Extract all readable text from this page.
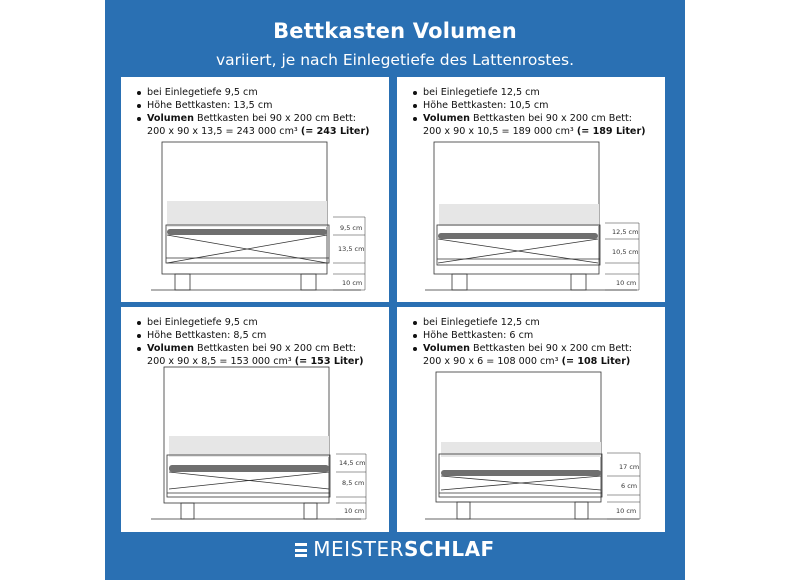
Bettkasten Volumen
variiert, je nach Einlegetiefe des Lattenrostes.
bei Einlegetiefe 9,5 cm
Höhe Bettkasten: 13,5 cm
Volumen Bettkasten bei 90 x 200 cm Bett:
200 x 90 x 13,5 = 243 000 cm³ (= 243 Liter)
9,5 cm
13,5 cm
10 cm
bei Einlegetiefe 12,5 cm
Höhe Bettkasten: 10,5 cm
Volumen Bettkasten bei 90 x 200 cm Bett:
200 x 90 x 10,5 = 189 000 cm³ (= 189 Liter)
12,5 cm
10,5 cm
10 cm
bei Einlegetiefe 9,5 cm
Höhe Bettkasten: 8,5 cm
Volumen Bettkasten bei 90 x 200 cm Bett:
200 x 90 x 8,5 = 153 000 cm³ (= 153 Liter)
14,5 cm
8,5 cm
10 cm
bei Einlegetiefe 12,5 cm
Höhe Bettkasten: 6 cm
Volumen Bettkasten bei 90 x 200 cm Bett:
200 x 90 x 6 = 108 000 cm³ (= 108 Liter)
17 cm
6 cm
10 cm
MEISTERSCHLAF
